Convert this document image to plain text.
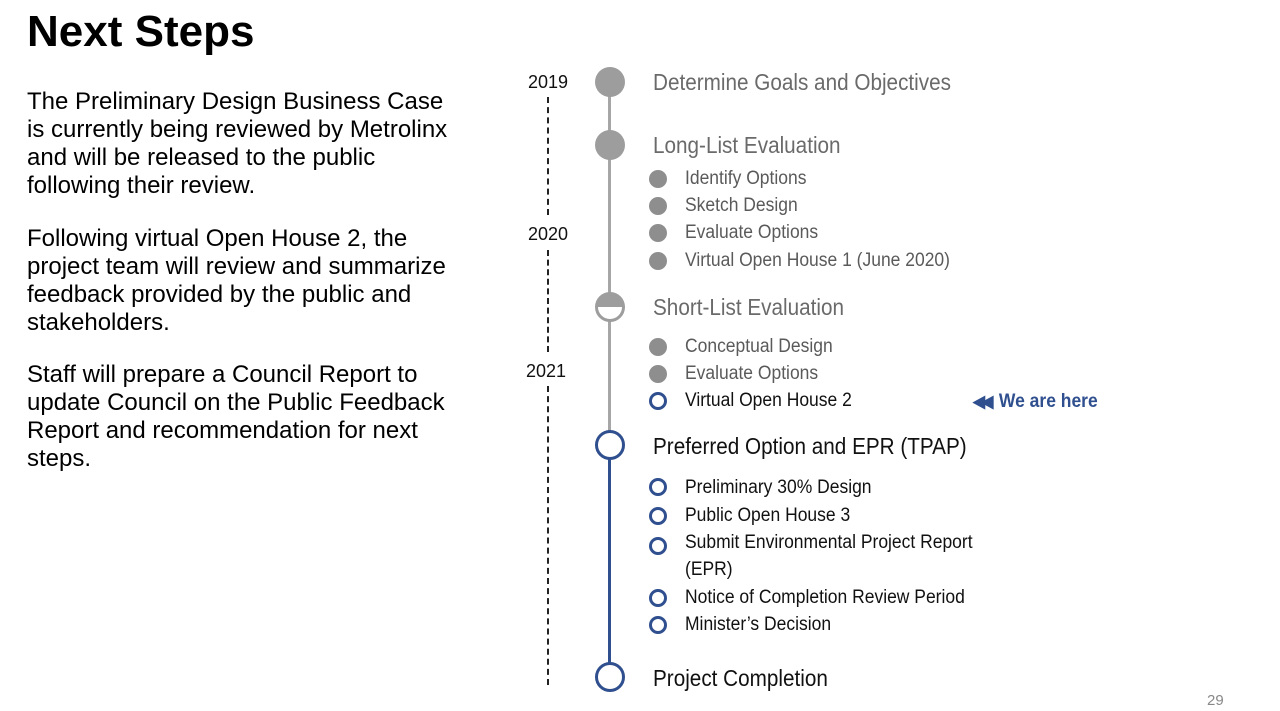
Next Steps

The Preliminary Design Business Case is currently being reviewed by Metrolinx and will be released to the public following their review.

Following virtual Open House 2, the project team will review and summarize feedback provided by the public and stakeholders.

Staff will prepare a Council Report to update Council on the Public Feedback Report and recommendation for next steps.

2019
2020
2021
Determine Goals and Objectives
Long-List Evaluation
Short-List Evaluation
Preferred Option and EPR (TPAP)
Project Completion
Identify Options
Sketch Design
Evaluate Options
Virtual Open House 1 (June 2020)
Conceptual Design
Evaluate Options
Virtual Open House 2	◀◀ We are here
Preliminary 30% Design
Public Open House 3
Submit Environmental Project Report (EPR)
Notice of Completion Review Period
Minister’s Decision
29
